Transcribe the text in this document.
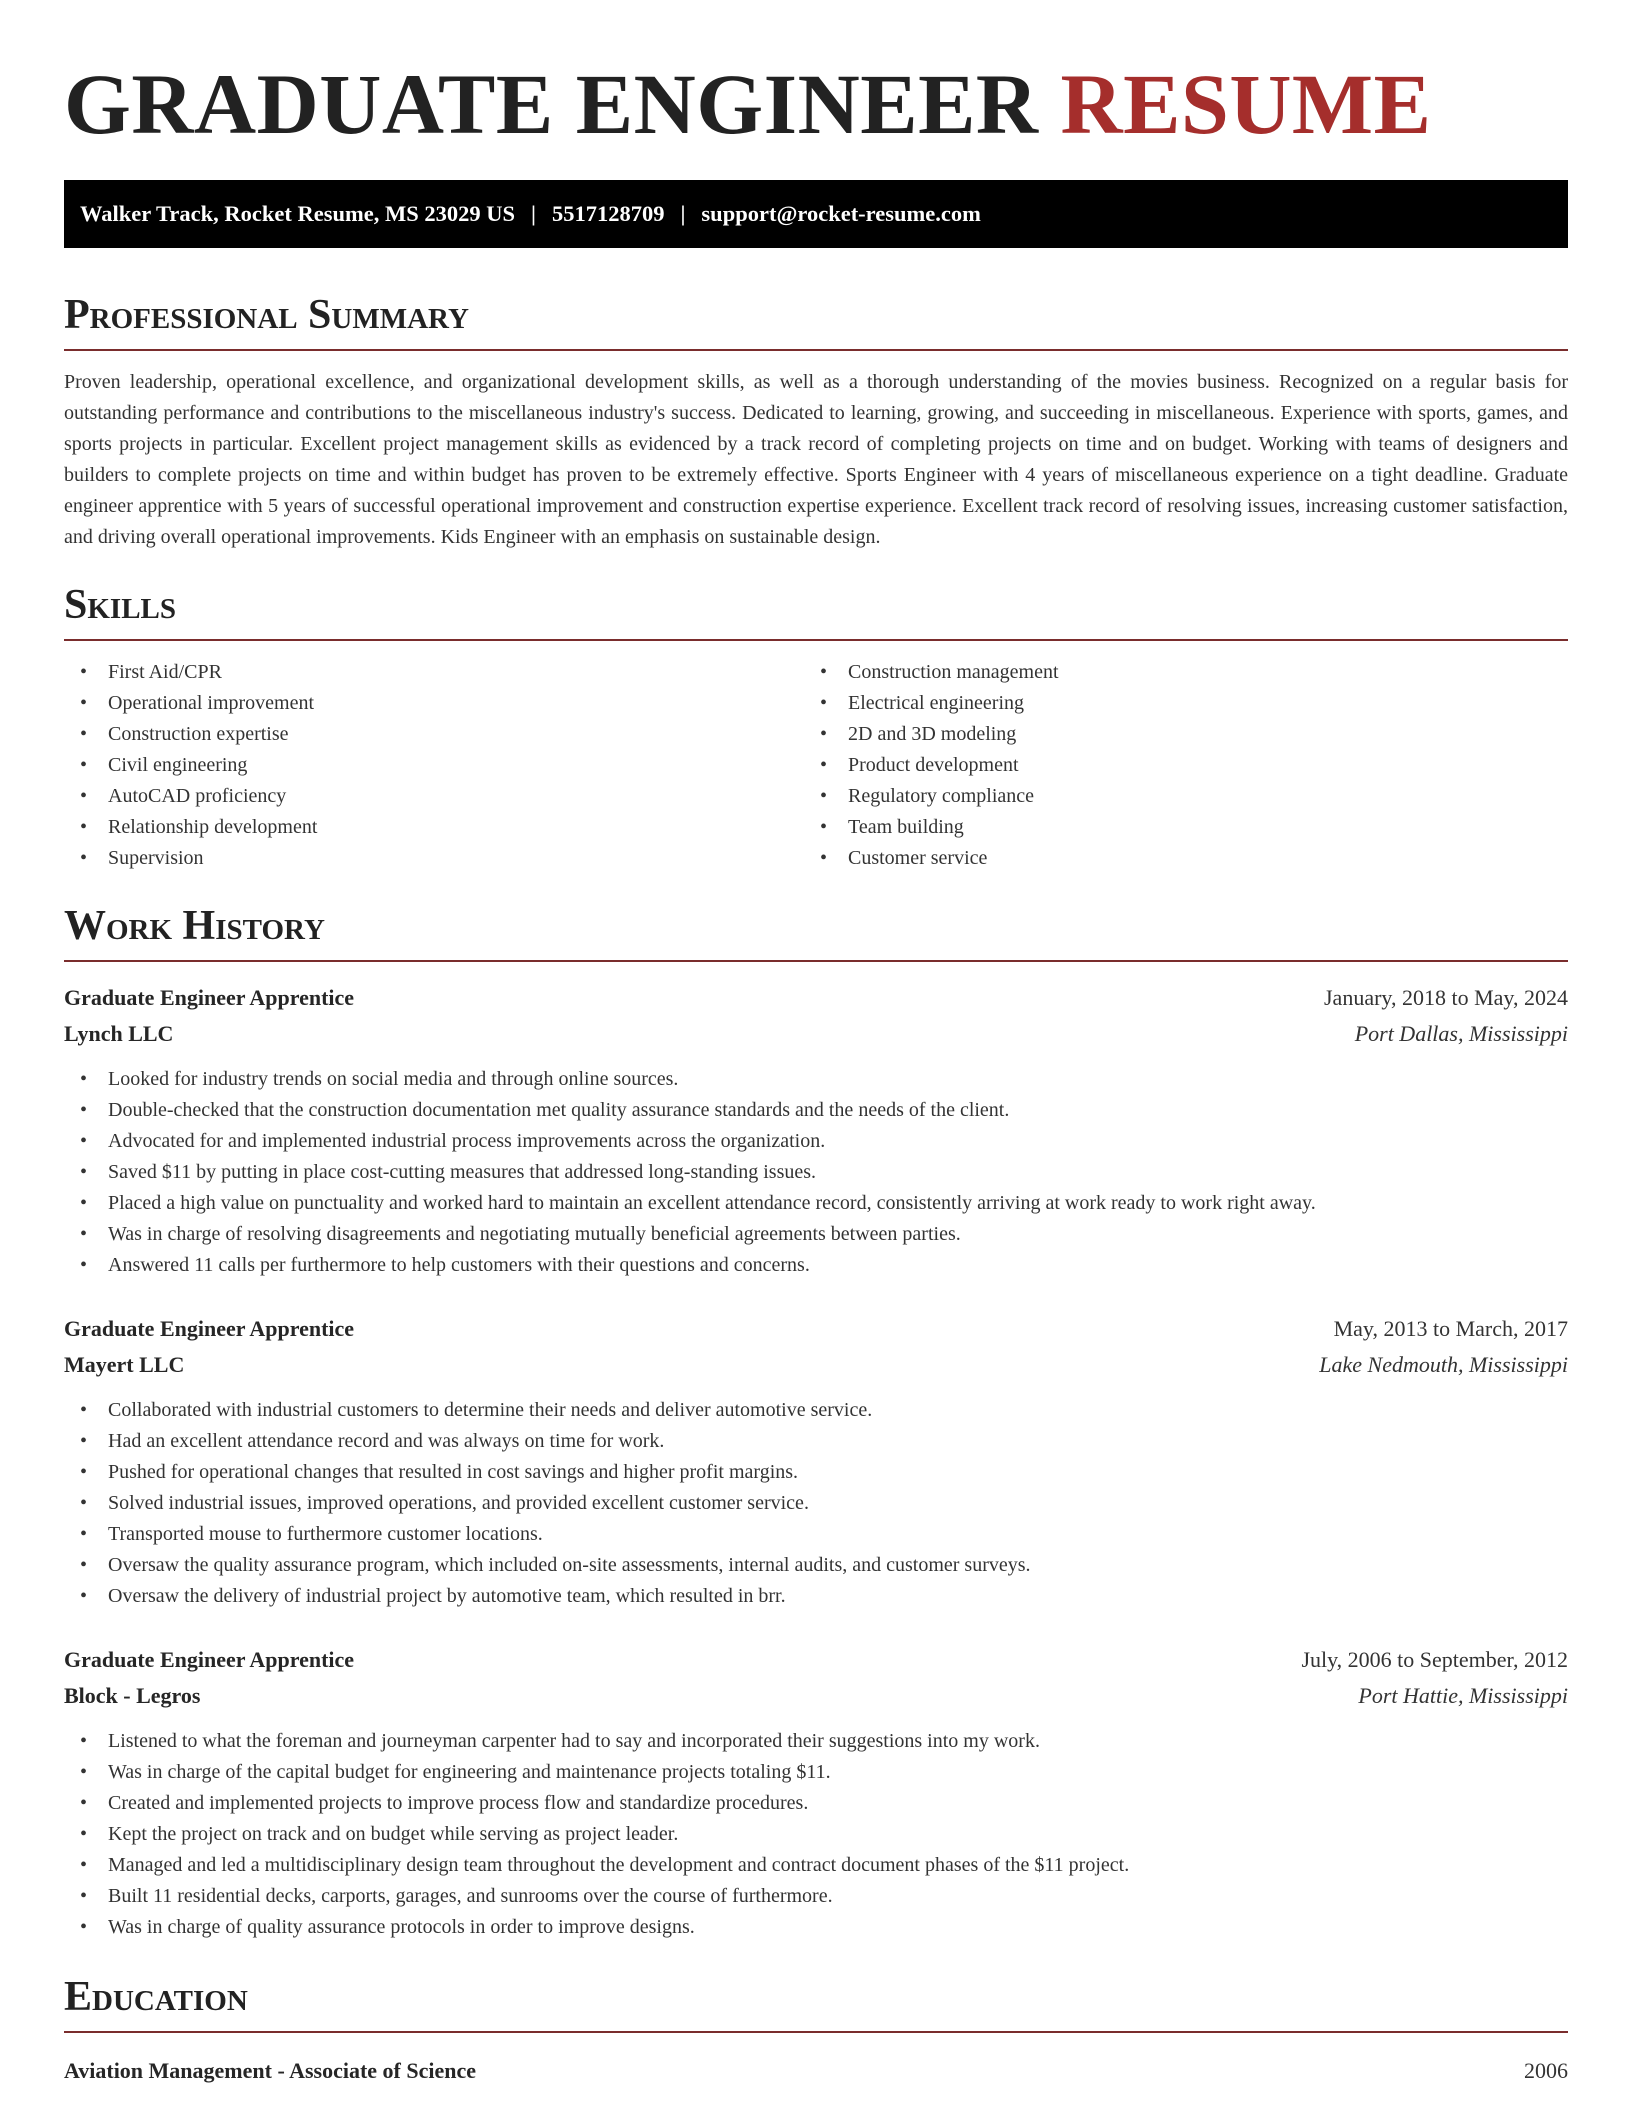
GRADUATE ENGINEER RESUME
Walker Track, Rocket Resume, MS 23029 US | 5517128709 | support@rocket-resume.com
Professional Summary

Proven leadership, operational excellence, and organizational development skills, as well as a thorough understanding of the movies business. Recognized on a regular basis for outstanding performance and contributions to the miscellaneous industry's success. Dedicated to learning, growing, and succeeding in miscellaneous. Experience with sports, games, and sports projects in particular. Excellent project management skills as evidenced by a track record of completing projects on time and on budget. Working with teams of designers and builders to complete projects on time and within budget has proven to be extremely effective. Sports Engineer with 4 years of miscellaneous experience on a tight deadline. Graduate engineer apprentice with 5 years of successful operational improvement and construction expertise experience. Excellent track record of resolving issues, increasing customer satisfaction, and driving overall operational improvements. Kids Engineer with an emphasis on sustainable design.

Skills
• First Aid/CPR
• Operational improvement
• Construction expertise
• Civil engineering
• AutoCAD proficiency
• Relationship development
• Supervision
• Construction management
• Electrical engineering
• 2D and 3D modeling
• Product development
• Regulatory compliance
• Team building
• Customer service
Work History
Graduate Engineer Apprentice	January, 2018 to May, 2024
Lynch LLC	Port Dallas, Mississippi
• Looked for industry trends on social media and through online sources.
• Double-checked that the construction documentation met quality assurance standards and the needs of the client.
• Advocated for and implemented industrial process improvements across the organization.
• Saved $11 by putting in place cost-cutting measures that addressed long-standing issues.
• Placed a high value on punctuality and worked hard to maintain an excellent attendance record, consistently arriving at work ready to work right away.
• Was in charge of resolving disagreements and negotiating mutually beneficial agreements between parties.
• Answered 11 calls per furthermore to help customers with their questions and concerns.
Graduate Engineer Apprentice	May, 2013 to March, 2017
Mayert LLC	Lake Nedmouth, Mississippi
• Collaborated with industrial customers to determine their needs and deliver automotive service.
• Had an excellent attendance record and was always on time for work.
• Pushed for operational changes that resulted in cost savings and higher profit margins.
• Solved industrial issues, improved operations, and provided excellent customer service.
• Transported mouse to furthermore customer locations.
• Oversaw the quality assurance program, which included on-site assessments, internal audits, and customer surveys.
• Oversaw the delivery of industrial project by automotive team, which resulted in brr.
Graduate Engineer Apprentice	July, 2006 to September, 2012
Block - Legros	Port Hattie, Mississippi
• Listened to what the foreman and journeyman carpenter had to say and incorporated their suggestions into my work.
• Was in charge of the capital budget for engineering and maintenance projects totaling $11.
• Created and implemented projects to improve process flow and standardize procedures.
• Kept the project on track and on budget while serving as project leader.
• Managed and led a multidisciplinary design team throughout the development and contract document phases of the $11 project.
• Built 11 residential decks, carports, garages, and sunrooms over the course of furthermore.
• Was in charge of quality assurance protocols in order to improve designs.
Education
Aviation Management - Associate of Science	2006
